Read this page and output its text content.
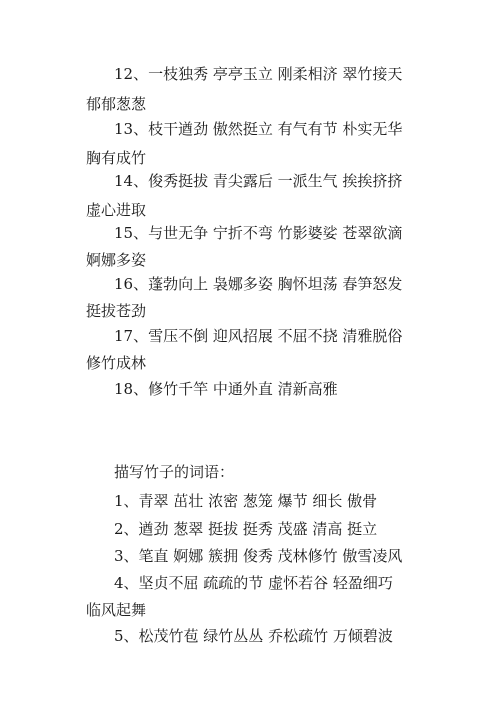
12、一枝独秀 亭亭玉立 刚柔相济 翠竹接天
郁郁葱葱
13、枝干遒劲 傲然挺立 有气有节 朴实无华
胸有成竹
14、俊秀挺拔 青尖露后 一派生气 挨挨挤挤
虚心进取
15、与世无争 宁折不弯 竹影婆娑 苍翠欲滴
婀娜多姿
16、蓬勃向上 袅娜多姿 胸怀坦荡 春笋怒发
挺拔苍劲
17、雪压不倒 迎风招展 不屈不挠 清雅脱俗
修竹成林
18、修竹千竿 中通外直 清新高雅
描写竹子的词语：
1、青翠 茁壮 浓密 葱笼 爆节 细长 傲骨
2、遒劲 葱翠 挺拔 挺秀 茂盛 清高 挺立
3、笔直 婀娜 簇拥 俊秀 茂林修竹 傲雪凌风
4、坚贞不屈 疏疏的节 虚怀若谷 轻盈细巧
临风起舞
5、松茂竹苞 绿竹丛丛 乔松疏竹 万倾碧波
